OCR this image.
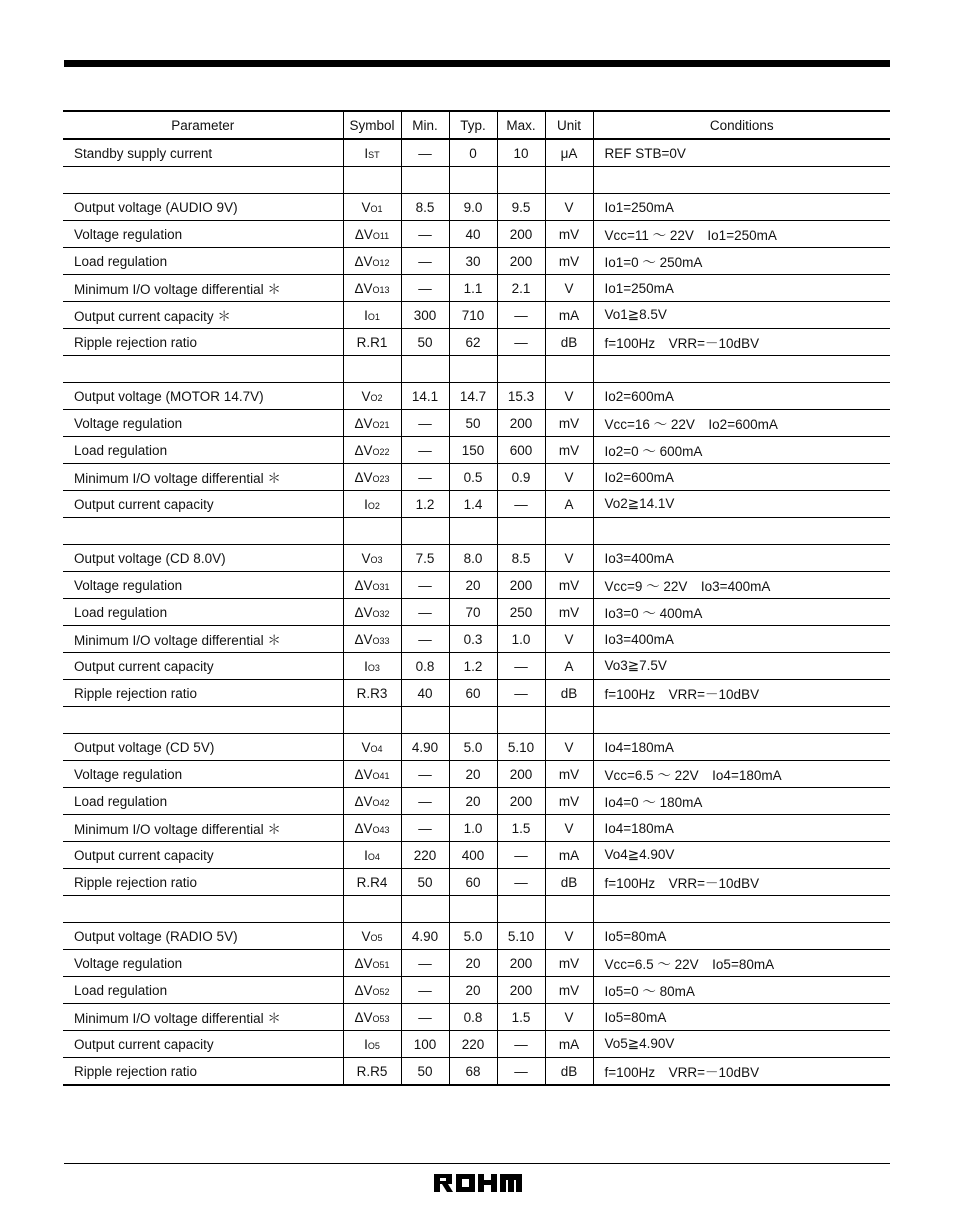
Parameter	Symbol	Min.	Typ.	Max.	Unit	Conditions
Standby supply current	IST	—	0	10	μA	REF STB=0V

Output voltage (AUDIO 9V)	VO1	8.5	9.0	9.5	V	Io1=250mA
Voltage regulation	ΔVO11	—	40	200	mV	Vcc=11 ～ 22V　Io1=250mA
Load regulation	ΔVO12	—	30	200	mV	Io1=0 ～ 250mA
Minimum I/O voltage differential ＊	ΔVO13	—	1.1	2.1	V	Io1=250mA
Output current capacity ＊	IO1	300	710	—	mA	Vo1≧8.5V
Ripple rejection ratio	R.R1	50	62	—	dB	f=100Hz　VRR=－10dBV

Output voltage (MOTOR 14.7V)	VO2	14.1	14.7	15.3	V	Io2=600mA
Voltage regulation	ΔVO21	—	50	200	mV	Vcc=16 ～ 22V　Io2=600mA
Load regulation	ΔVO22	—	150	600	mV	Io2=0 ～ 600mA
Minimum I/O voltage differential ＊	ΔVO23	—	0.5	0.9	V	Io2=600mA
Output current capacity	IO2	1.2	1.4	—	A	Vo2≧14.1V

Output voltage (CD 8.0V)	VO3	7.5	8.0	8.5	V	Io3=400mA
Voltage regulation	ΔVO31	—	20	200	mV	Vcc=9 ～ 22V　Io3=400mA
Load regulation	ΔVO32	—	70	250	mV	Io3=0 ～ 400mA
Minimum I/O voltage differential ＊	ΔVO33	—	0.3	1.0	V	Io3=400mA
Output current capacity	IO3	0.8	1.2	—	A	Vo3≧7.5V
Ripple rejection ratio	R.R3	40	60	—	dB	f=100Hz　VRR=－10dBV

Output voltage (CD 5V)	VO4	4.90	5.0	5.10	V	Io4=180mA
Voltage regulation	ΔVO41	—	20	200	mV	Vcc=6.5 ～ 22V　Io4=180mA
Load regulation	ΔVO42	—	20	200	mV	Io4=0 ～ 180mA
Minimum I/O voltage differential ＊	ΔVO43	—	1.0	1.5	V	Io4=180mA
Output current capacity	IO4	220	400	—	mA	Vo4≧4.90V
Ripple rejection ratio	R.R4	50	60	—	dB	f=100Hz　VRR=－10dBV

Output voltage (RADIO 5V)	VO5	4.90	5.0	5.10	V	Io5=80mA
Voltage regulation	ΔVO51	—	20	200	mV	Vcc=6.5 ～ 22V　Io5=80mA
Load regulation	ΔVO52	—	20	200	mV	Io5=0 ～ 80mA
Minimum I/O voltage differential ＊	ΔVO53	—	0.8	1.5	V	Io5=80mA
Output current capacity	IO5	100	220	—	mA	Vo5≧4.90V
Ripple rejection ratio	R.R5	50	68	—	dB	f=100Hz　VRR=－10dBV
